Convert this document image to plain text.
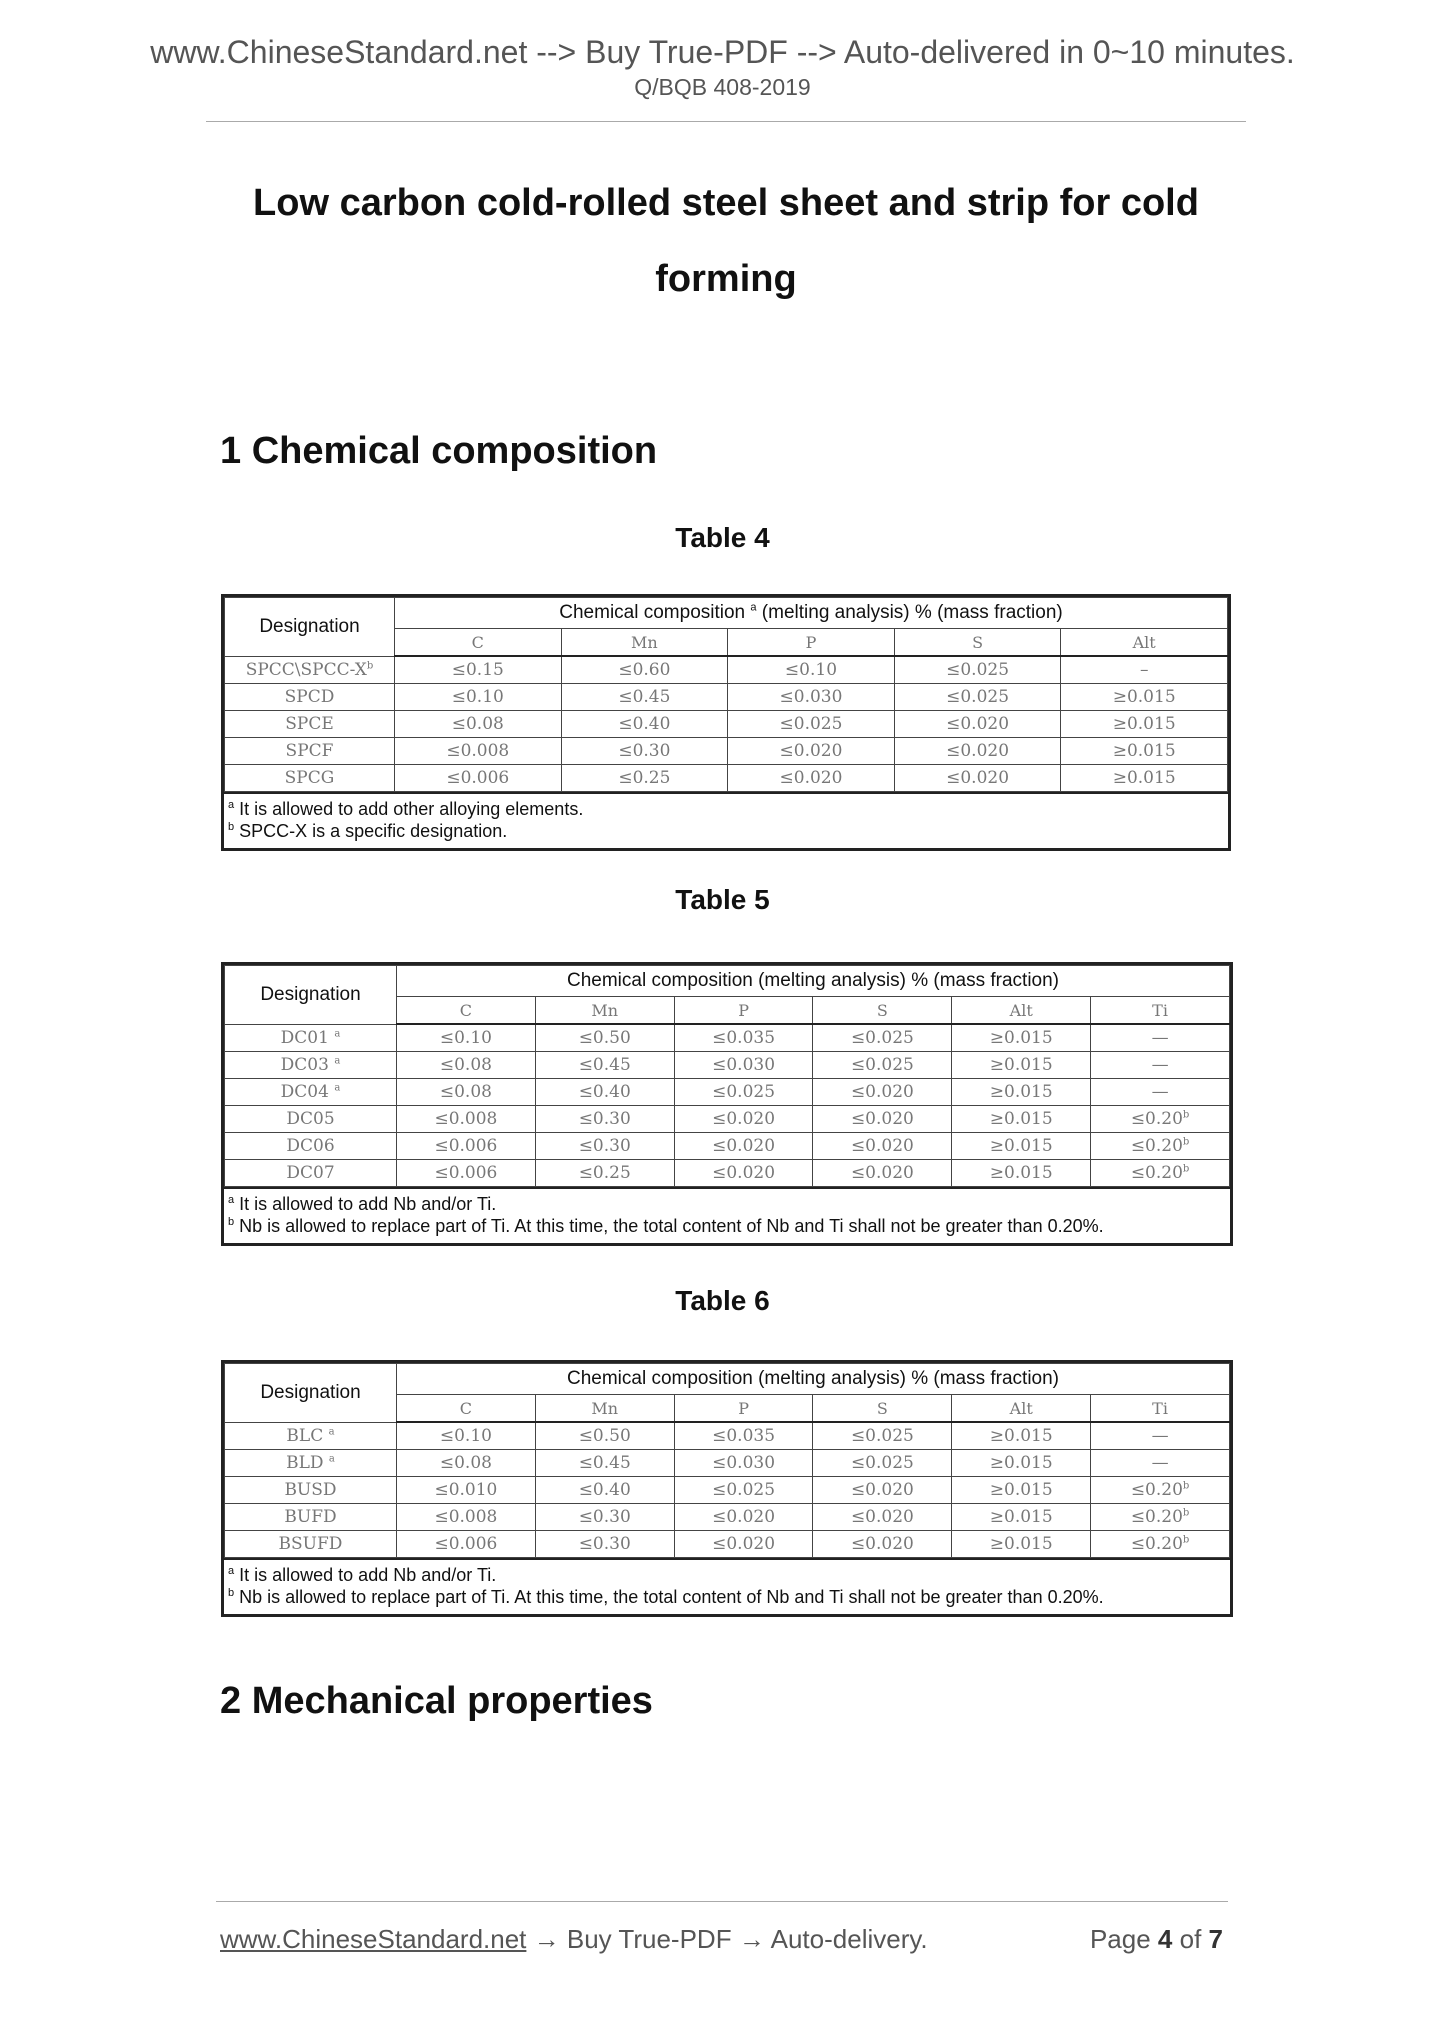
www.ChineseStandard.net --> Buy True-PDF --> Auto-delivered in 0~10 minutes.
Q/BQB 408-2019
Low carbon cold-rolled steel sheet and strip for cold forming
1 Chemical composition
Table 4
Designation	Chemical composition $^a$ (melting analysis) % (mass fraction)				
	C	Mn	P	S	Alt
$SPCC\backslash SPCC-X^b$	≤0.15	≤0.60	≤0.10	≤0.025	–
SPCD	≤0.10	≤0.45	≤0.030	≤0.025	≥0.015
SPCE	≤0.08	≤0.40	≤0.025	≤0.020	≥0.015
SPCF	≤0.008	≤0.30	≤0.020	≤0.020	≥0.015
SPCG	≤0.006	≤0.25	≤0.020	≤0.020	≥0.015
$^a$ It is allowed to add other alloying elements.
$^b$ SPCC-X is a specific designation.
Table 5
Designation	Chemical composition (melting analysis) % (mass fraction)					
	C	Mn	P	S	Alt	Ti
DC01 $^a$	≤0.10	≤0.50	≤0.035	≤0.025	≥0.015	—
DC03 $^a$	≤0.08	≤0.45	≤0.030	≤0.025	≥0.015	—
DC04 $^a$	≤0.08	≤0.40	≤0.025	≤0.020	≥0.015	—
DC05	≤0.008	≤0.30	≤0.020	≤0.020	≥0.015	≤0.20$^b$
DC06	≤0.006	≤0.30	≤0.020	≤0.020	≥0.015	≤0.20$^b$
DC07	≤0.006	≤0.25	≤0.020	≤0.020	≥0.015	≤0.20$^b$
$^a$ It is allowed to add Nb and/or Ti.
$^b$ Nb is allowed to replace part of Ti. At this time, the total content of Nb and Ti shall not be greater than 0.20%.
Table 6
Designation	Chemical composition (melting analysis) % (mass fraction)					
	C	Mn	P	S	Alt	Ti
BLC $^a$	≤0.10	≤0.50	≤0.035	≤0.025	≥0.015	—
BLD $^a$	≤0.08	≤0.45	≤0.030	≤0.025	≥0.015	—
BUSD	≤0.010	≤0.40	≤0.025	≤0.020	≥0.015	≤0.20$^b$
BUFD	≤0.008	≤0.30	≤0.020	≤0.020	≥0.015	≤0.20$^b$
BSUFD	≤0.006	≤0.30	≤0.020	≤0.020	≥0.015	≤0.20$^b$
$^a$ It is allowed to add Nb and/or Ti.
$^b$ Nb is allowed to replace part of Ti. At this time, the total content of Nb and Ti shall not be greater than 0.20%.
2 Mechanical properties
www.ChineseStandard.net → Buy True-PDF → Auto-delivery.	Page 4 of 7
